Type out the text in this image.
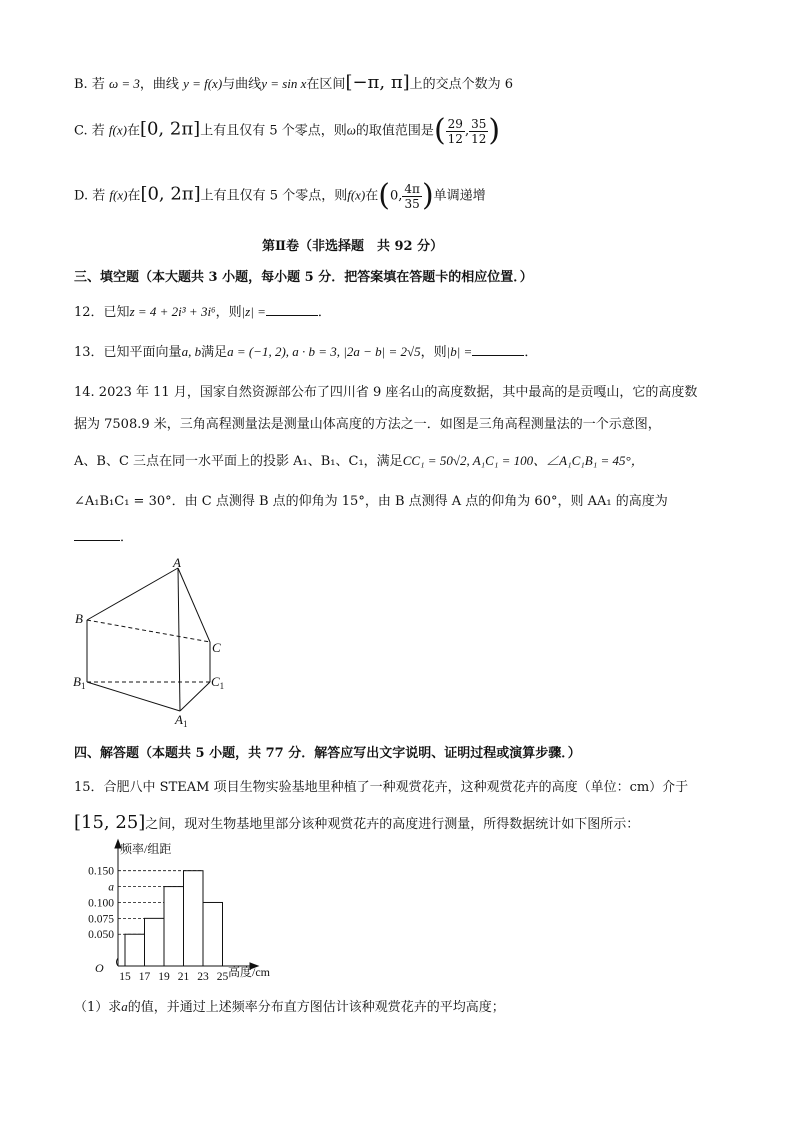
B. 若 ω = 3，曲线 y = f(x)与曲线y = sin x在区间[−π, π]上的交点个数为 6
C. 若 f(x)在[0, 2π]上有且仅有 5 个零点，则ω的取值范围是( $\frac{29}{12}$ , $\frac{35}{12}$ )
D. 若 f(x)在[0, 2π]上有且仅有 5 个零点，则f(x)在(0, $\frac{4\pi}{35}$ )单调递增
第Ⅱ卷（非选择题　共 92 分）
三、填空题（本大题共 3 小题，每小题 5 分．把答案填在答题卡的相应位置．）
12．已知z = 4 + 2i³ + 3i⁶，则|z| =	．
13．已知平面向量a, b满足a = (−1, 2), a · b = 3, |2a − b| = 2√5，则|b| =	．
14. 2023 年 11 月，国家自然资源部公布了四川省 9 座名山的高度数据，其中最高的是贡嘎山，它的高度数
据为 7508.9 米，三角高程测量法是测量山体高度的方法之一．如图是三角高程测量法的一个示意图，
A、B、C 三点在同一水平面上的投影 A₁、B₁、C₁，满足CC₁ = 50√2, A₁C₁ = 100、∠A₁C₁B₁ = 45°，
∠A₁B₁C₁ = 30°．由 C 点测得 B 点的仰角为 15°，由 B 点测得 A 点的仰角为 60°，则 AA₁ 的高度为
．
A
B
C
$B_1$	$C_1$
$A_1$
四、解答题（本题共 5 小题，共 77 分．解答应写出文字说明、证明过程或演算步骤．）
15．合肥八中 STEAM 项目生物实验基地里种植了一种观赏花卉，这种观赏花卉的高度（单位：cm）介于
[15, 25]之间，现对生物基地里部分该种观赏花卉的高度进行测量，所得数据统计如下图所示：
频率/组距
高度/cm
O
0.150
a
0.100
0.075
0.050
15 17 19 21 23 25
（1）求a的值，并通过上述频率分布直方图估计该种观赏花卉的平均高度；
